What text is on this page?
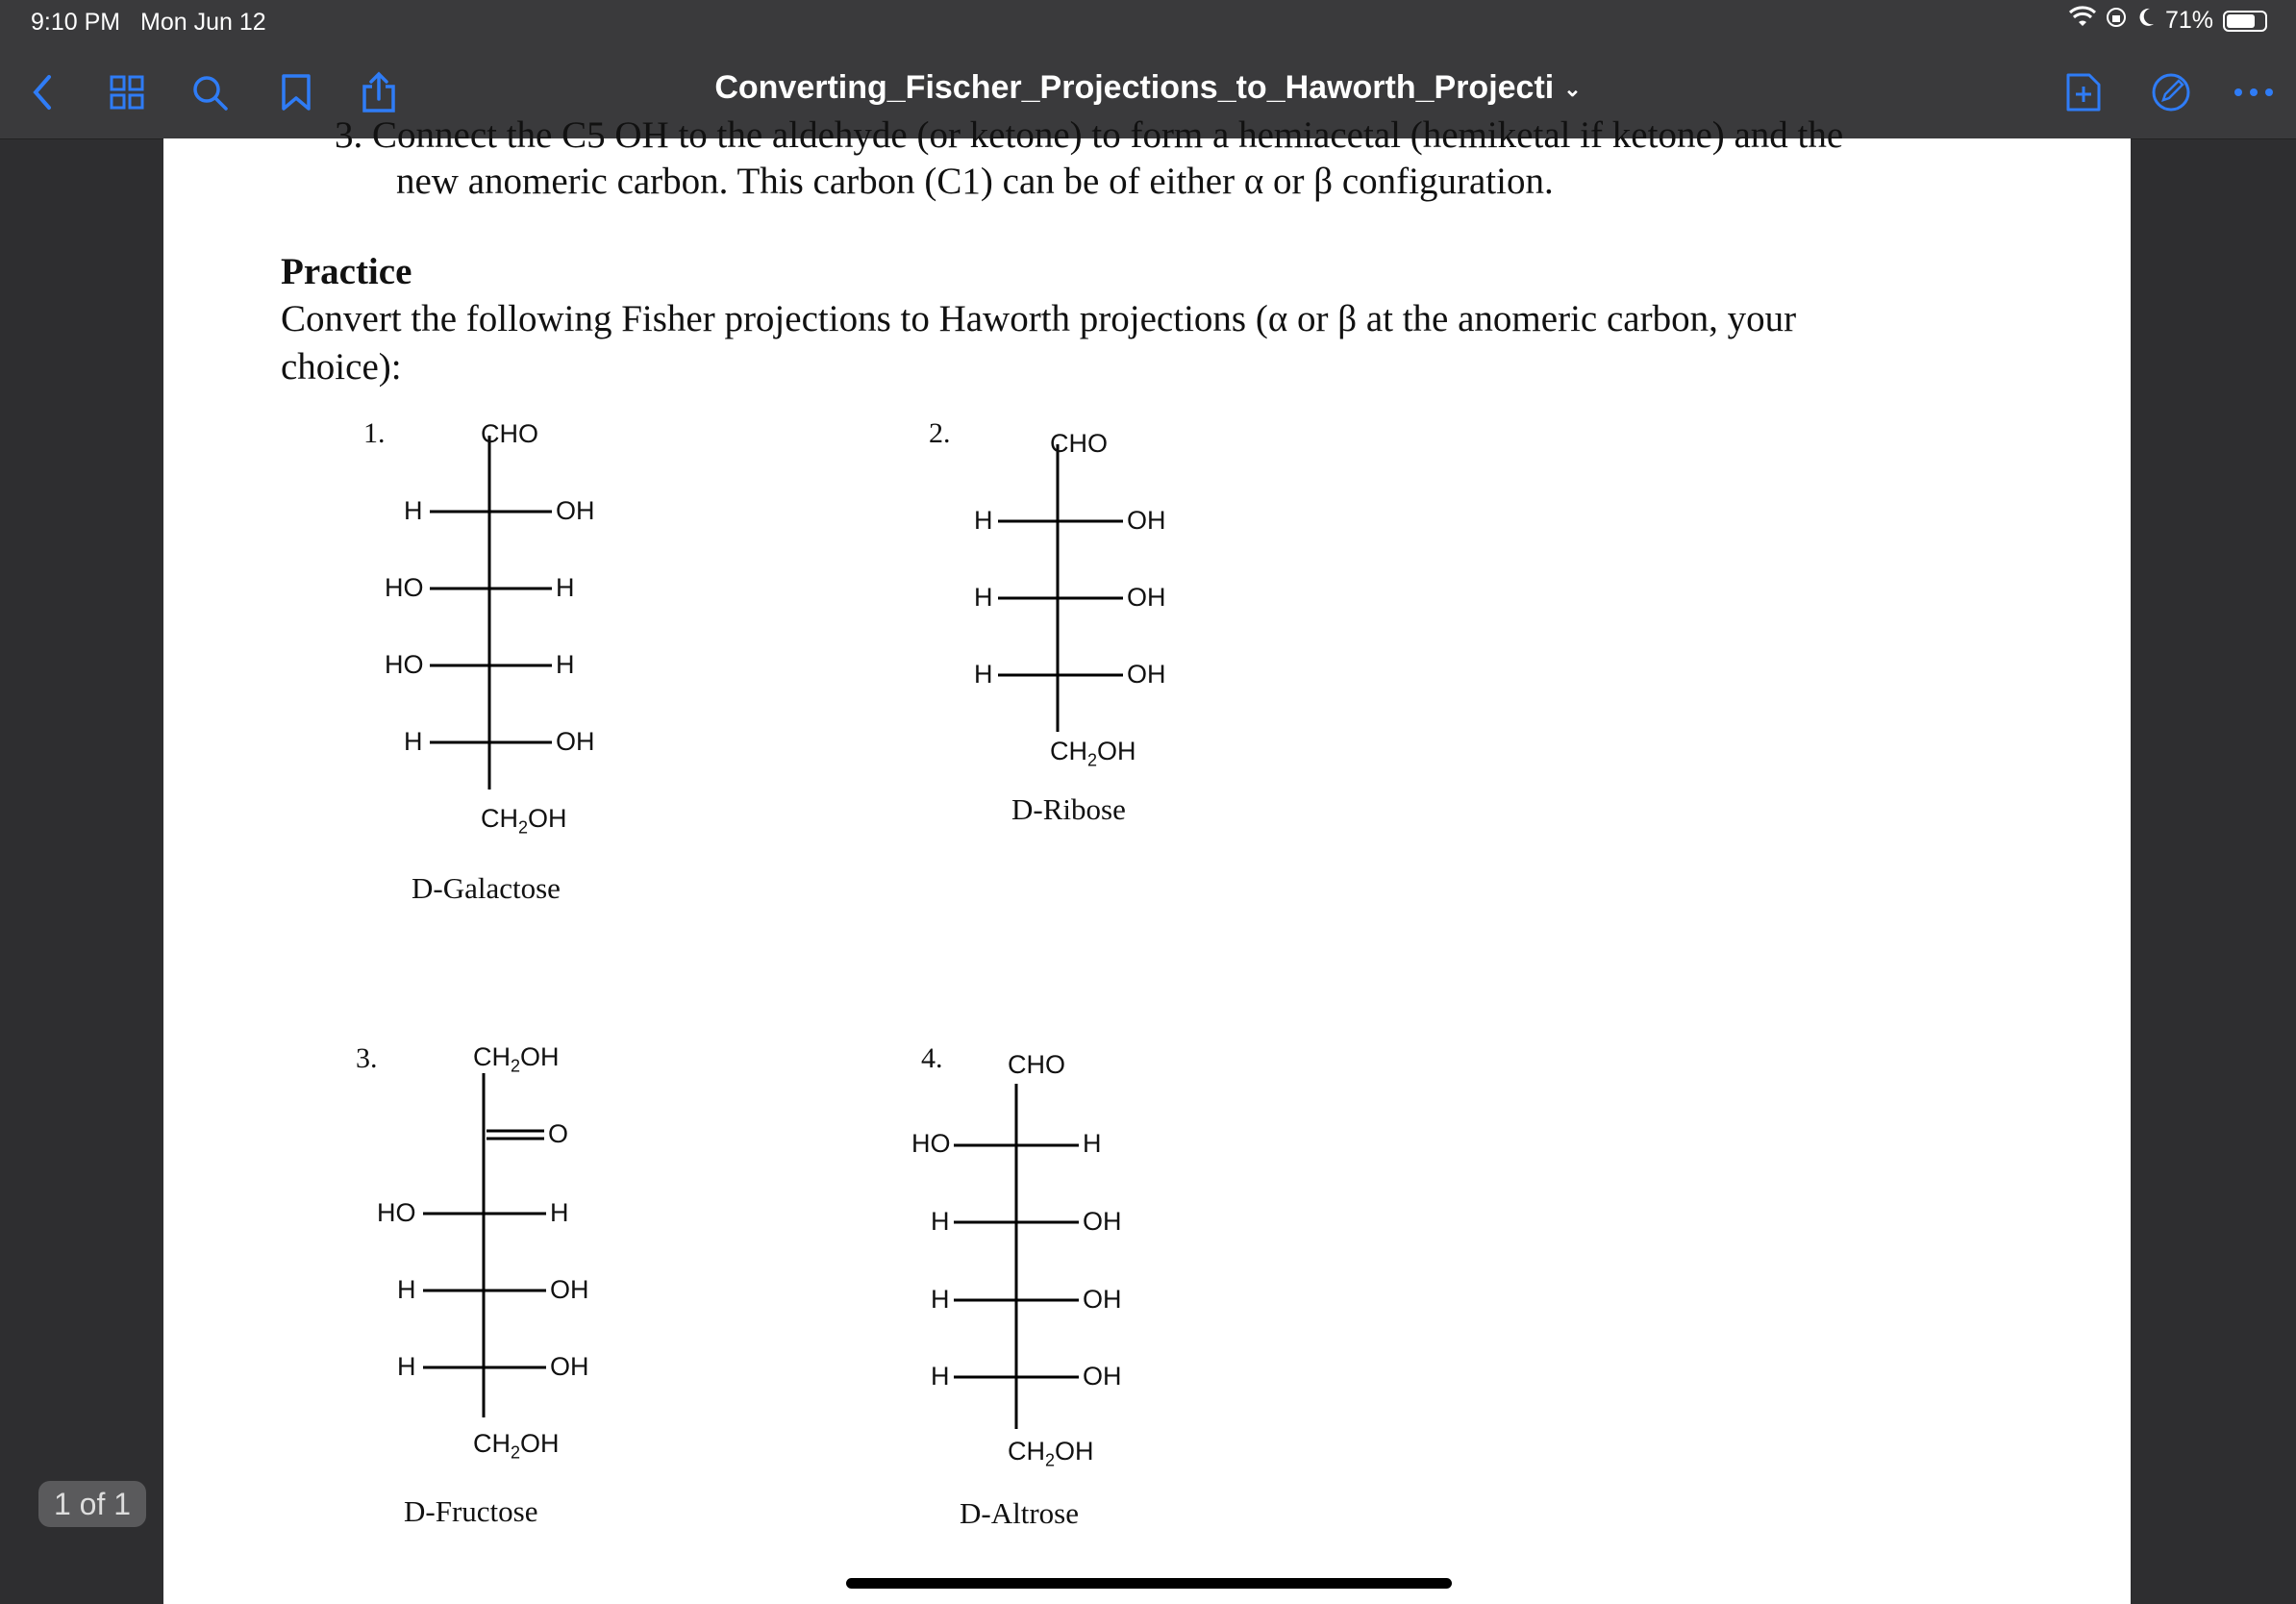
9:10 PM Mon Jun 12	71%
Converting_Fischer_Projections_to_Haworth_Projecti ⌄
3. Connect the C5 OH to the aldehyde (or ketone) to form a hemiacetal (hemiketal if ketone) and the
new anomeric carbon. This carbon (C1) can be of either α or β configuration.
Practice
Convert the following Fisher projections to Haworth projections (α or β at the anomeric carbon, your
choice):
1.	CHO
H	OH
HO	H
HO	H
H	OH
$CH_2OH$
D-Galactose
2.	CHO
H	OH
H	OH
H	OH
$CH_2OH$
D-Ribose
3.	$CH_2OH$
O
HO	H
H	OH
H	OH
$CH_2OH$
D-Fructose
4.	CHO
HO	H
H	OH
H	OH
H	OH
$CH_2OH$
D-Altrose
1 of 1
